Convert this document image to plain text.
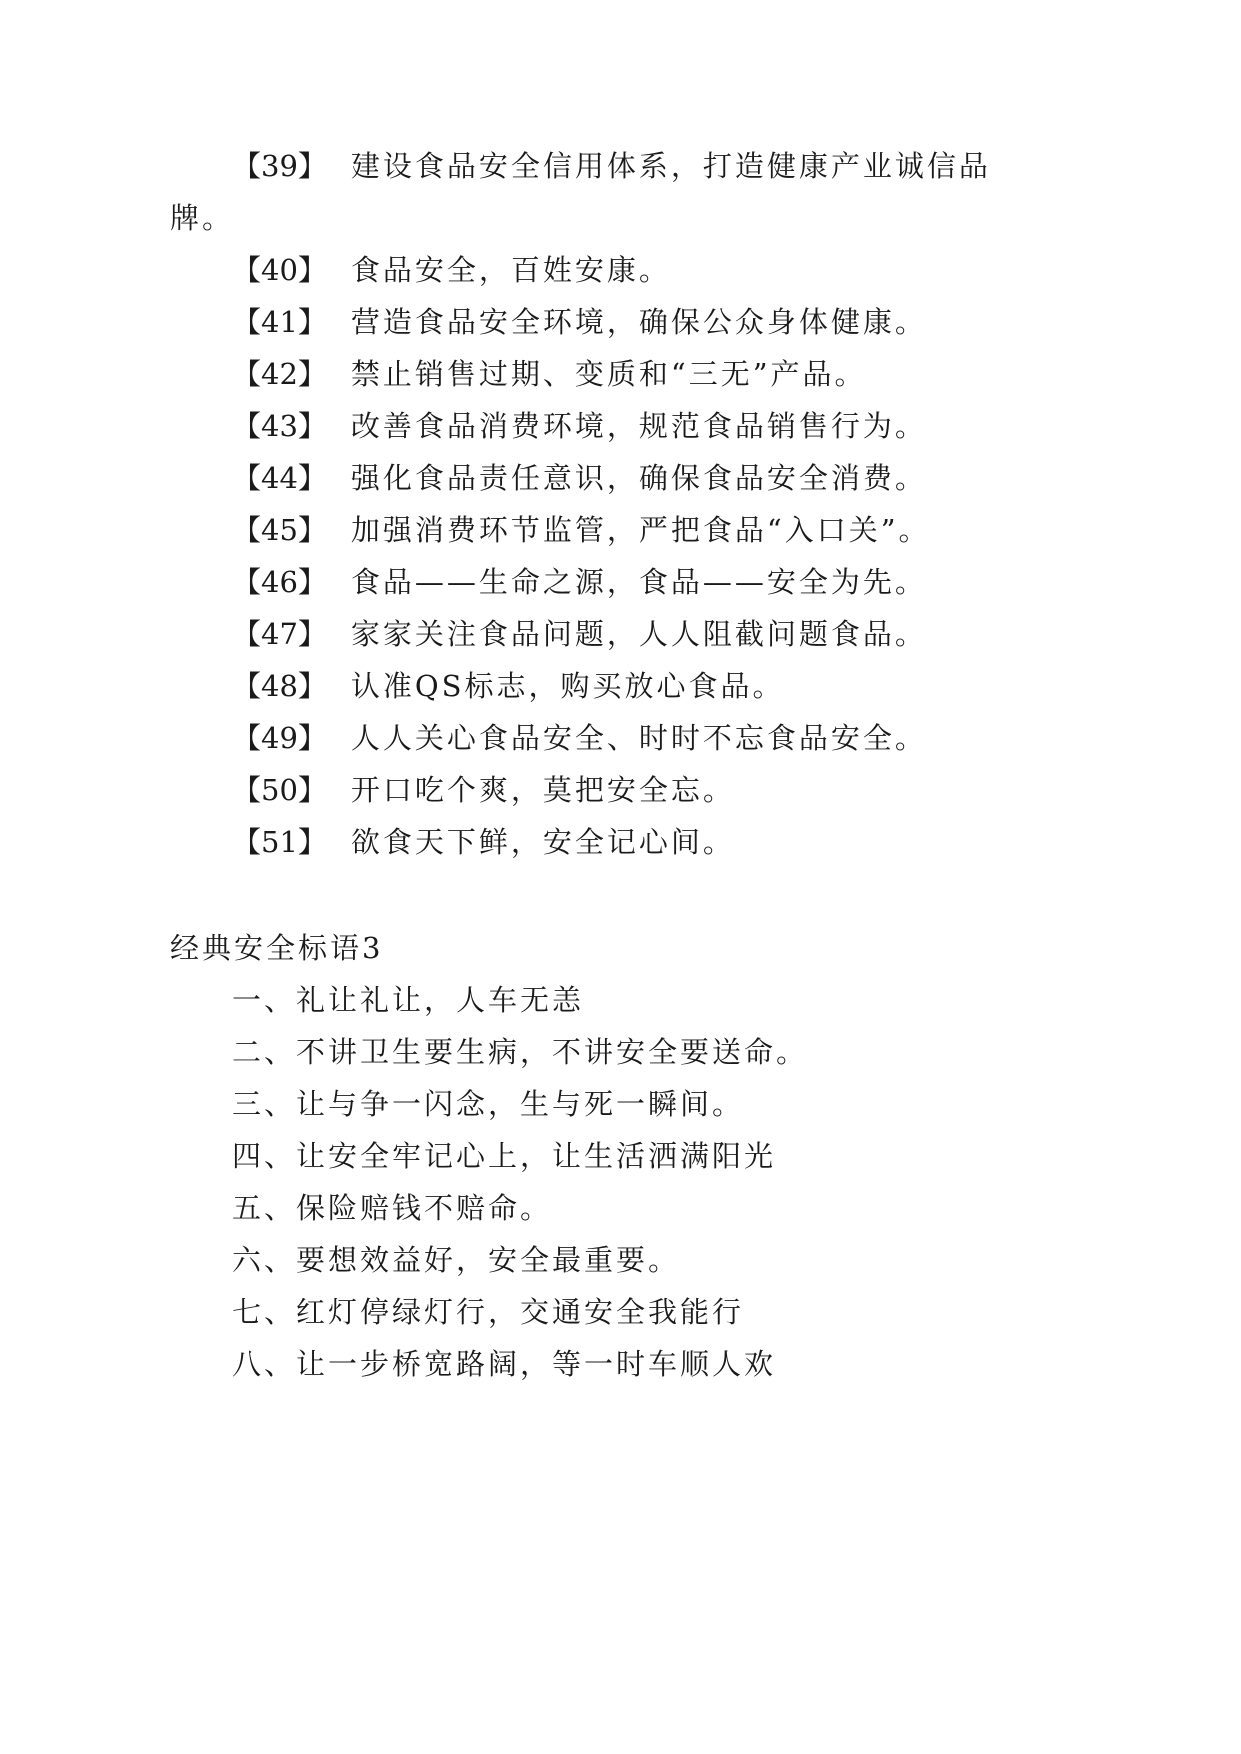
【39】 建设食品安全信用体系，打造健康产业诚信品
牌。
【40】 食品安全，百姓安康。
【41】 营造食品安全环境，确保公众身体健康。
【42】 禁止销售过期、变质和“三无”产品。
【43】 改善食品消费环境，规范食品销售行为。
【44】 强化食品责任意识，确保食品安全消费。
【45】 加强消费环节监管，严把食品“入口关”。
【46】 食品——生命之源，食品——安全为先。
【47】 家家关注食品问题，人人阻截问题食品。
【48】 认准QS标志，购买放心食品。
【49】 人人关心食品安全、时时不忘食品安全。
【50】 开口吃个爽，莫把安全忘。
【51】 欲食天下鲜，安全记心间。
经典安全标语3
一、礼让礼让，人车无恙
二、不讲卫生要生病，不讲安全要送命。
三、让与争一闪念，生与死一瞬间。
四、让安全牢记心上，让生活洒满阳光
五、保险赔钱不赔命。
六、要想效益好，安全最重要。
七、红灯停绿灯行，交通安全我能行
八、让一步桥宽路阔，等一时车顺人欢
